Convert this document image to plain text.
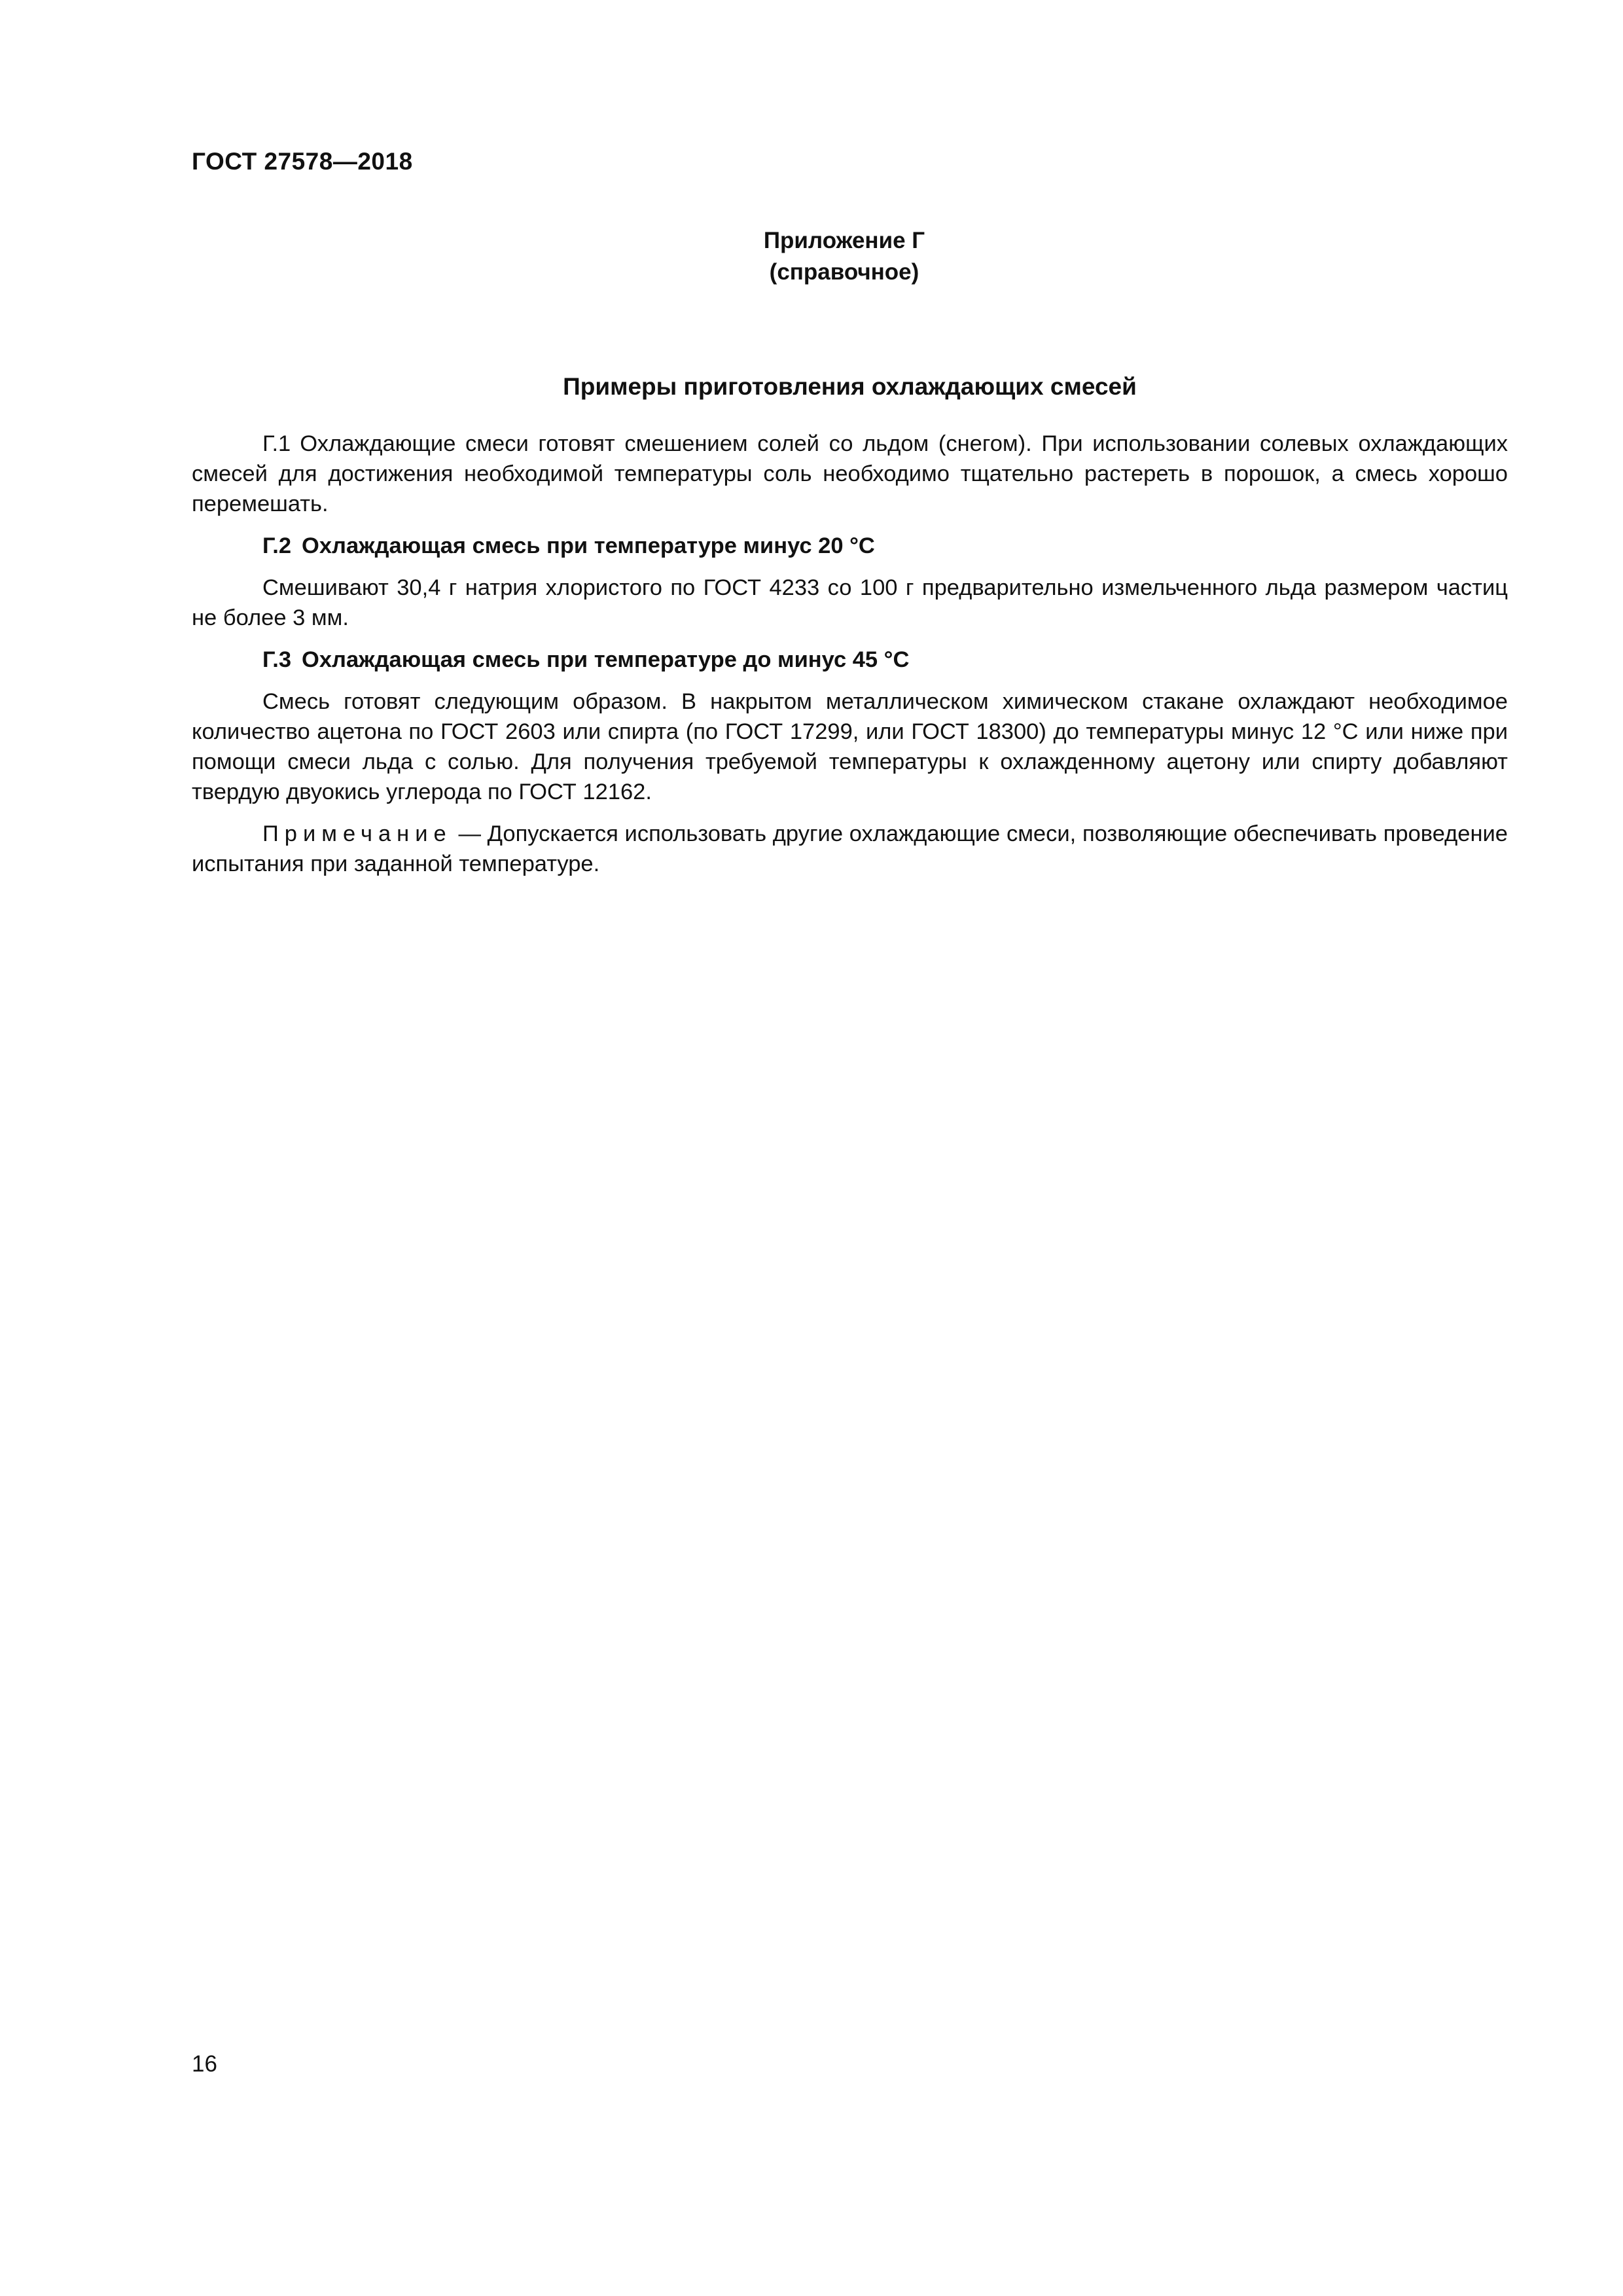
ГОСТ 27578—2018
Приложение Г
(справочное)
Примеры приготовления охлаждающих смесей

Г.1 Охлаждающие смеси готовят смешением солей со льдом (снегом). При использовании солевых охлаждающих смесей для достижения необходимой температуры соль необходимо тщательно растереть в порошок, а смесь хорошо перемешать.

Г.2 Охлаждающая смесь при температуре минус 20 °С

Смешивают 30,4 г натрия хлористого по ГОСТ 4233 со 100 г предварительно измельченного льда размером частиц не более 3 мм.

Г.3 Охлаждающая смесь при температуре до минус 45 °С

Смесь готовят следующим образом. В накрытом металлическом химическом стакане охлаждают необходимое количество ацетона по ГОСТ 2603 или спирта (по ГОСТ 17299, или ГОСТ 18300) до температуры минус 12 °С или ниже при помощи смеси льда с солью. Для получения требуемой температуры к охлажденному ацетону или спирту добавляют твердую двуокись углерода по ГОСТ 12162.

Примечание — Допускается использовать другие охлаждающие смеси, позволяющие обеспечивать проведение испытания при заданной температуре.

16
